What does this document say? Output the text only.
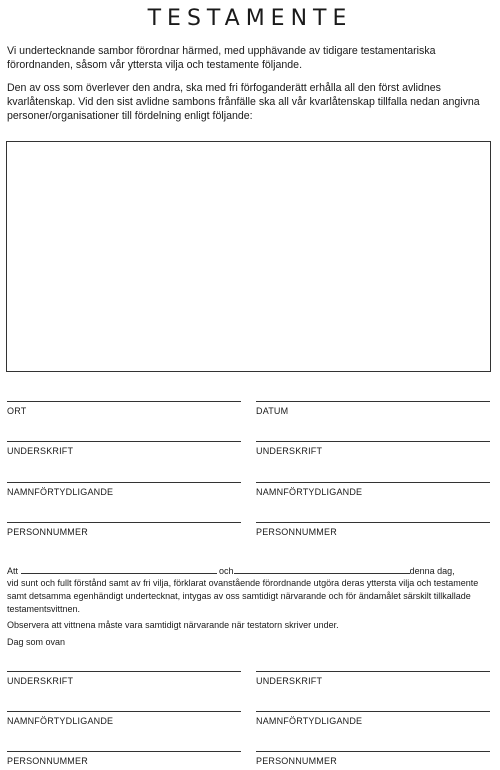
TESTAMENTE
Vi undertecknande sambor förordnar härmed, med upphävande av tidigare testamentariska förordnanden, såsom vår yttersta vilja och testamente följande.
Den av oss som överlever den andra, ska med fri förfoganderätt erhålla all den först avlidnes kvarlåtenskap. Vid den sist avlidne sambons frånfälle ska all vår kvarlåtenskap tillfalla nedan angivna personer/organisationer till fördelning enligt följande:
ORT	DATUM
UNDERSKRIFT	UNDERSKRIFT
NAMNFÖRTYDLIGANDE	NAMNFÖRTYDLIGANDE
PERSONNUMMER	PERSONNUMMER
Att	och	denna dag,
vid sunt och fullt förstånd samt av fri vilja, förklarat ovanstående förordnande utgöra deras yttersta vilja och testamente samt detsamma egenhändigt undertecknat, intygas av oss samtidigt närvarande och för ändamålet särskilt tillkallade testamentsvittnen.
Observera att vittnena måste vara samtidigt närvarande när testatorn skriver under.
Dag som ovan
UNDERSKRIFT	UNDERSKRIFT
NAMNFÖRTYDLIGANDE	NAMNFÖRTYDLIGANDE
PERSONNUMMER	PERSONNUMMER
